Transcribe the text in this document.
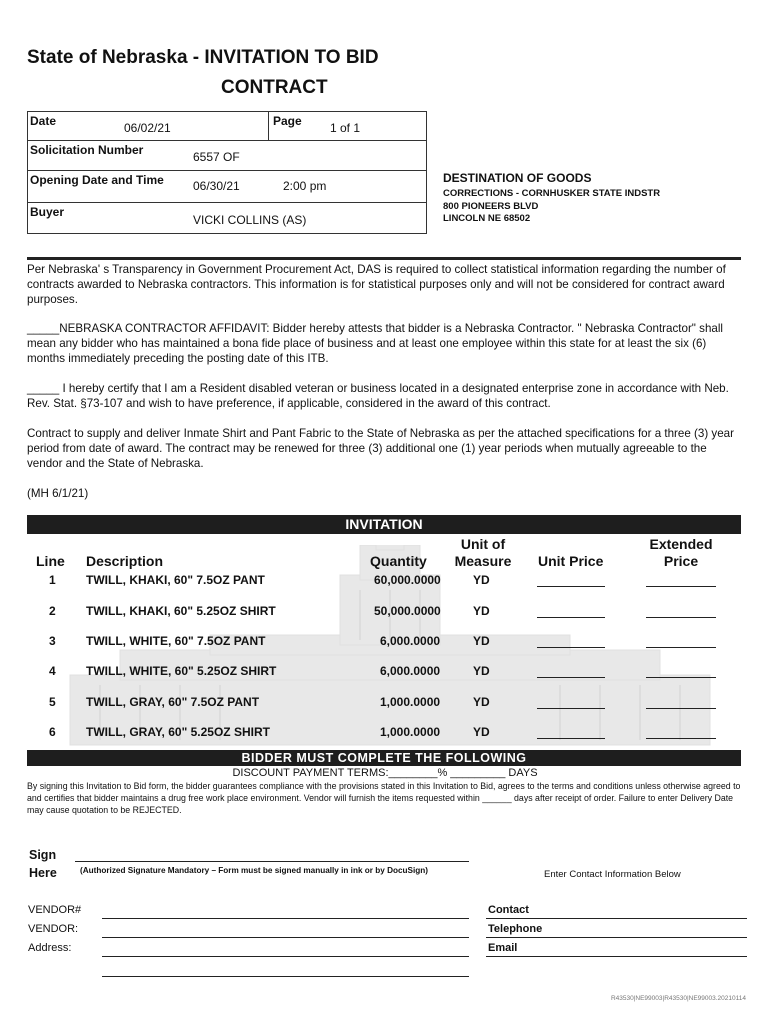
State of Nebraska - INVITATION TO BID
CONTRACT
Date	06/02/21	Page 1 of 1
Solicitation Number	6557 OF
Opening Date and Time 06/30/21	2:00 pm
Buyer
VICKI COLLINS (AS)
DESTINATION OF GOODS
CORRECTIONS - CORNHUSKER STATE INDSTR
800 PIONEERS BLVD
LINCOLN NE 68502
Per Nebraska' s Transparency in Government Procurement Act, DAS is required to collect statistical information regarding the number of contracts awarded to Nebraska contractors. This information is for statistical purposes only and will not be considered for contract award purposes.
_____NEBRASKA CONTRACTOR AFFIDAVIT: Bidder hereby attests that bidder is a Nebraska Contractor. " Nebraska Contractor" shall mean any bidder who has maintained a bona fide place of business and at least one employee within this state for at least the six (6) months immediately preceding the posting date of this ITB.
_____ I hereby certify that I am a Resident disabled veteran or business located in a designated enterprise zone in accordance with Neb. Rev. Stat. §73-107 and wish to have preference, if applicable, considered in the award of this contract.
Contract to supply and deliver Inmate Shirt and Pant Fabric to the State of Nebraska as per the attached specifications for a three (3) year period from date of award. The contract may be renewed for three (3) additional one (1) year periods when mutually agreeable to the vendor and the State of Nebraska.
(MH 6/1/21)
INVITATION
Line Description	Quantity
Unit of
Measure	Unit Price
Extended
Price
1	TWILL, KHAKI, 60" 7.5OZ PANT	60,000.0000	YD
2	TWILL, KHAKI, 60" 5.25OZ SHIRT	50,000.0000	YD
3	TWILL, WHITE, 60" 7.5OZ PANT	6,000.0000	YD
4	TWILL, WHITE, 60" 5.25OZ SHIRT	6,000.0000	YD
5	TWILL, GRAY, 60" 7.5OZ PANT	1,000.0000	YD
6	TWILL, GRAY, 60" 5.25OZ SHIRT	1,000.0000	YD
BIDDER MUST COMPLETE THE FOLLOWING
DISCOUNT PAYMENT TERMS:________% _________ DAYS
By signing this Invitation to Bid form, the bidder guarantees compliance with the provisions stated in this Invitation to Bid, agrees to the terms and conditions unless otherwise agreed to and certifies that bidder maintains a drug free work place environment. Vendor will furnish the items requested within ______ days after receipt of order. Failure to enter Delivery Date may cause quotation to be REJECTED.
Sign
Here	(Authorized Signature Mandatory – Form must be signed manually in ink or by DocuSign)	Enter Contact Information Below
VENDOR#
VENDOR:
Address:
Contact
Telephone
Email
R43530|NE99003|R43530|NE99003.20210114
